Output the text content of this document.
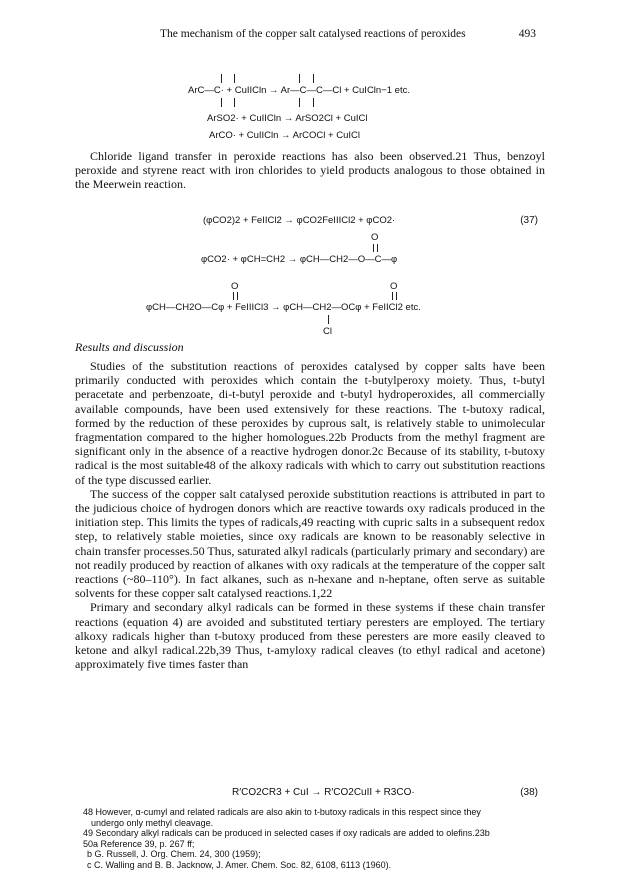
The mechanism of the copper salt catalysed reactions of peroxides	493
ArC—C· + CuIICln → Ar—C—C—Cl + CuICln−1 etc.
ArSO2· + CuIICln → ArSO2Cl + CuICl
ArCO· + CuIICln → ArCOCl + CuICl

Chloride ligand transfer in peroxide reactions has also been observed.21 Thus, benzoyl peroxide and styrene react with iron chlorides to yield products analogous to those obtained in the Meerwein reaction.

(φCO2)2 + FeIICl2 → φCO2FeIIICl2 + φCO2·	(37)
O
φCO2· + φCH=CH2 → φCH—CH2—O—C—φ
O	O
φCH—CH2O—Cφ + FeIIICl3 → φCH—CH2—OCφ + FeIICl2 etc.
Cl
Results and discussion

Studies of the substitution reactions of peroxides catalysed by copper salts have been primarily conducted with peroxides which contain the t-butylperoxy moiety. Thus, t-butyl peracetate and perbenzoate, di-t-butyl peroxide and t-butyl hydroperoxides, all commercially available compounds, have been used extensively for these reactions. The t-butoxy radical, formed by the reduction of these peroxides by cuprous salt, is relatively stable to unimolecular fragmentation compared to the higher homologues.22b Products from the methyl fragment are significant only in the absence of a reactive hydrogen donor.2c Because of its stability, t-butoxy radical is the most suitable48 of the alkoxy radicals with which to carry out substitution reactions of the type discussed earlier.

The success of the copper salt catalysed peroxide substitution reactions is attributed in part to the judicious choice of hydrogen donors which are reactive towards oxy radicals produced in the initiation step. This limits the types of radicals,49 reacting with cupric salts in a subsequent redox step, to relatively stable moieties, since oxy radicals are known to be reasonably selective in chain transfer processes.50 Thus, saturated alkyl radicals (particularly primary and secondary) are not readily produced by reaction of alkanes with oxy radicals at the temperature of the copper salt reactions (~80–110°). In fact alkanes, such as n-hexane and n-heptane, often serve as suitable solvents for these copper salt catalysed reactions.1,22

Primary and secondary alkyl radicals can be formed in these systems if these chain transfer reactions (equation 4) are avoided and substituted tertiary peresters are employed. The tertiary alkoxy radicals higher than t-butoxy produced from these peresters are more easily cleaved to ketone and alkyl radical.22b,39 Thus, t-amyloxy radical cleaves (to ethyl radical and acetone) approximately five times faster than

R′CO2CR3 + CuI → R′CO2CuII + R3CO·	(38)
48 However, α-cumyl and related radicals are also akin to t-butoxy radicals in this respect since they
undergo only methyl cleavage.
49 Secondary alkyl radicals can be produced in selected cases if oxy radicals are added to olefins.23b
50a Reference 39, p. 267 ff;
b G. Russell, J. Org. Chem. 24, 300 (1959);
c C. Walling and B. B. Jacknow, J. Amer. Chem. Soc. 82, 6108, 6113 (1960).
